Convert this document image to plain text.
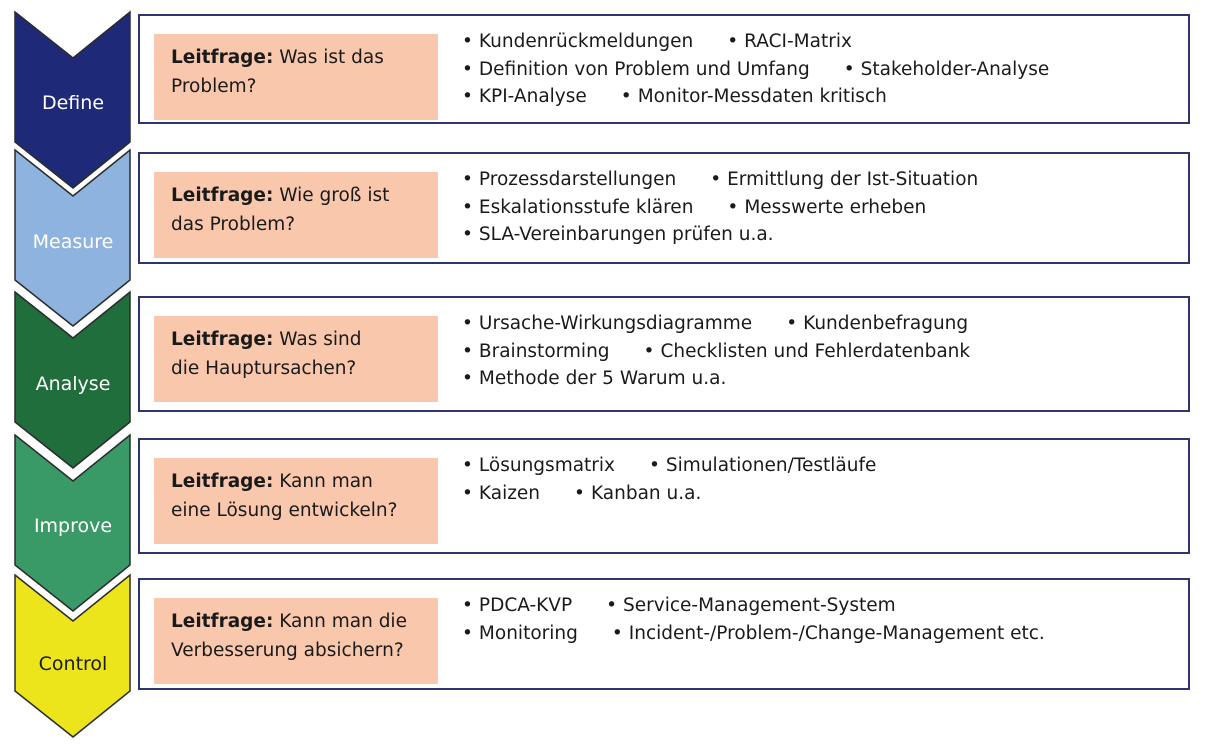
Define
Leitfrage: Was ist das
Problem?
• Kundenrückmeldungen	• RACI-Matrix
• Definition von Problem und Umfang	• Stakeholder-Analyse
• KPI-Analyse	• Monitor-Messdaten kritisch
Measure
Leitfrage: Wie groß ist
das Problem?
• Prozessdarstellungen	• Ermittlung der Ist-Situation
• Eskalationsstufe klären	• Messwerte erheben
• SLA-Vereinbarungen prüfen u.a.
Analyse
Leitfrage: Was sind
die Hauptursachen?
• Ursache-Wirkungsdiagramme	• Kundenbefragung
• Brainstorming	• Checklisten und Fehlerdatenbank
• Methode der 5 Warum u.a.
Improve
Leitfrage: Kann man
eine Lösung entwickeln?
• Lösungsmatrix	• Simulationen/Testläufe
• Kaizen	• Kanban u.a.
Control
Leitfrage: Kann man die
Verbesserung absichern?
• PDCA-KVP	• Service-Management-System
• Monitoring	• Incident-/Problem-/Change-Management etc.
